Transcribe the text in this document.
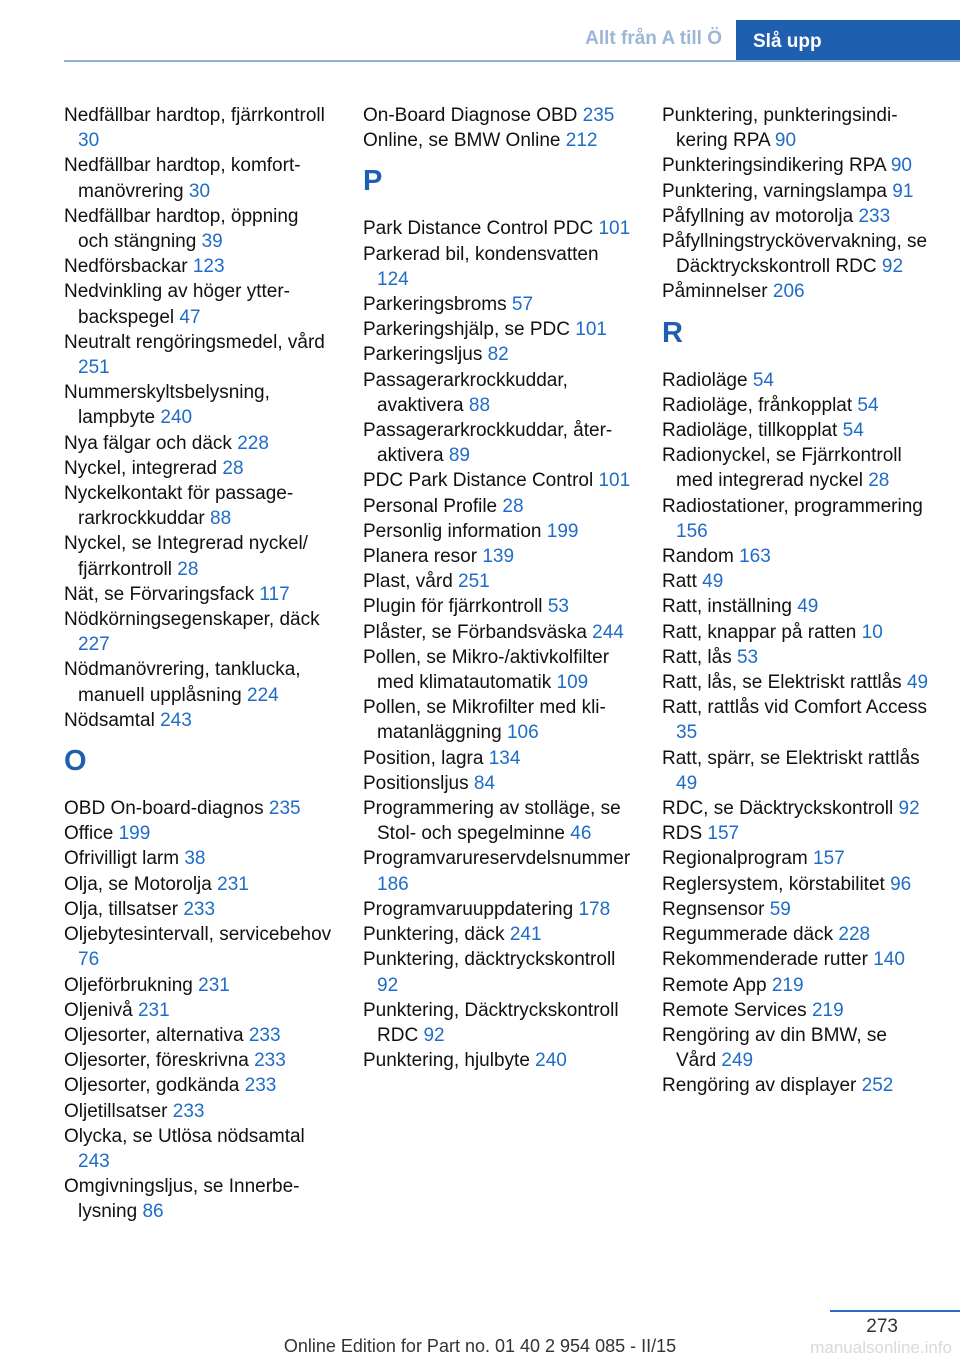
Allt från A till Ö	Slå upp
Nedfällbar hardtop, fjärrkontroll 30
Nedfällbar hardtop, komfortmanövrering 30
Nedfällbar hardtop, öppning och stängning 39
Nedförsbackar 123
Nedvinkling av höger ytterbackspegel 47
Neutralt rengöringsmedel, vård 251
Nummerskyltsbelysning, lampbyte 240
Nya fälgar och däck 228
Nyckel, integrerad 28
Nyckelkontakt för passagerarkrockkuddar 88
Nyckel, se Integrerad nyckel/ fjärrkontroll 28
Nät, se Förvaringsfack 117
Nödkörningsegenskaper, däck 227
Nödmanövrering, tanklucka, manuell upplåsning 224
Nödsamtal 243
O
OBD On-board-diagnos 235
Office 199
Ofrivilligt larm 38
Olja, se Motorolja 231
Olja, tillsatser 233
Oljebytesintervall, servicebehov 76
Oljeförbrukning 231
Oljenivå 231
Oljesorter, alternativa 233
Oljesorter, föreskrivna 233
Oljesorter, godkända 233
Oljetillsatser 233
Olycka, se Utlösa nödsamtal 243
Omgivningsljus, se Innerbelysning 86
On-Board Diagnose OBD 235
Online, se BMW Online 212
P
Park Distance Control PDC 101
Parkerad bil, kondensvatten 124
Parkeringsbroms 57
Parkeringshjälp, se PDC 101
Parkeringsljus 82
Passagerarkrockkuddar, avaktivera 88
Passagerarkrockkuddar, återaktivera 89
PDC Park Distance Control 101
Personal Profile 28
Personlig information 199
Planera resor 139
Plast, vård 251
Plugin för fjärrkontroll 53
Plåster, se Förbandsväska 244
Pollen, se Mikro-/aktivkolfilter med klimatautomatik 109
Pollen, se Mikrofilter med klimatanläggning 106
Position, lagra 134
Positionsljus 84
Programmering av stolläge, se Stol- och spegelminne 46
Programvarureservdelsnummer 186
Programvaruuppdatering 178
Punktering, däck 241
Punktering, däcktryckskontroll 92
Punktering, Däcktryckskontroll RDC 92
Punktering, hjulbyte 240
Punktering, punkteringsindikering RPA 90
Punkteringsindikering RPA 90
Punktering, varningslampa 91
Påfyllning av motorolja 233
Påfyllningstryckövervakning, se Däcktryckskontroll RDC 92
Påminnelser 206
R
Radioläge 54
Radioläge, frånkopplat 54
Radioläge, tillkopplat 54
Radionyckel, se Fjärrkontroll med integrerad nyckel 28
Radiostationer, programmering 156
Random 163
Ratt 49
Ratt, inställning 49
Ratt, knappar på ratten 10
Ratt, lås 53
Ratt, lås, se Elektriskt rattlås 49
Ratt, rattlås vid Comfort Access 35
Ratt, spärr, se Elektriskt rattlås 49
RDC, se Däcktryckskontroll 92
RDS 157
Regionalprogram 157
Reglersystem, körstabilitet 96
Regnsensor 59
Regummerade däck 228
Rekommenderade rutter 140
Remote App 219
Remote Services 219
Rengöring av din BMW, se Vård 249
Rengöring av displayer 252
273
Online Edition for Part no. 01 40 2 954 085 - II/15	manualsonline.info
